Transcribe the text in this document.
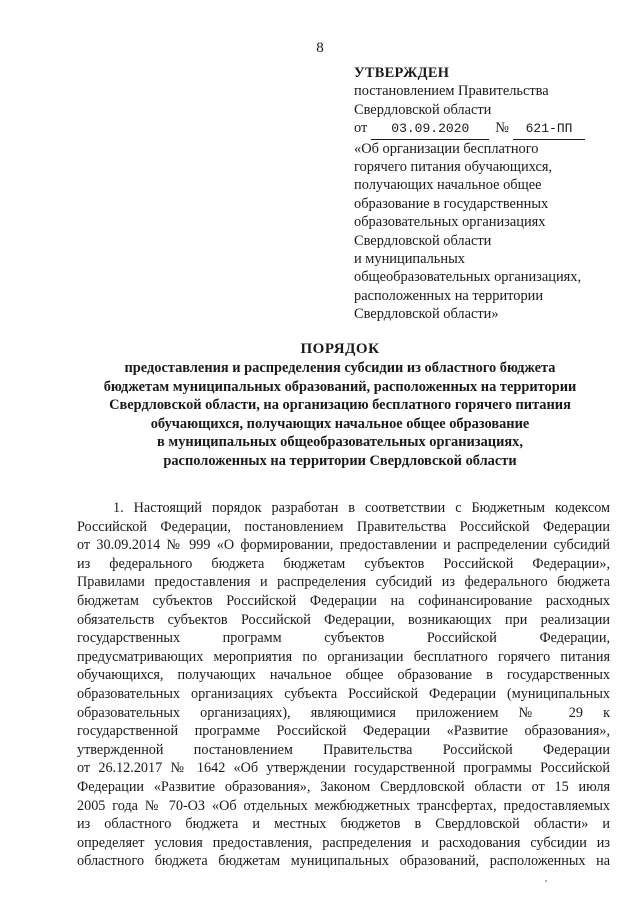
8
УТВЕРЖДЕН
постановлением Правительства
Свердловской области
от 03.09.2020 № 621-ПП
«Об организации бесплатного
горячего питания обучающихся,
получающих начальное общее
образование в государственных
образовательных организациях
Свердловской области
и муниципальных
общеобразовательных организациях,
расположенных на территории
Свердловской области»
ПОРЯДОК
предоставления и распределения субсидии из областного бюджета
бюджетам муниципальных образований, расположенных на территории
Свердловской области, на организацию бесплатного горячего питания
обучающихся, получающих начальное общее образование
в муниципальных общеобразовательных организациях,
расположенных на территории Свердловской области
1. Настоящий порядок разработан в соответствии с Бюджетным кодексом
Российской Федерации, постановлением Правительства Российской Федерации
от 30.09.2014 № 999 «О формировании, предоставлении и распределении субсидий
из федерального бюджета бюджетам субъектов Российской Федерации»,
Правилами предоставления и распределения субсидий из федерального бюджета
бюджетам субъектов Российской Федерации на софинансирование расходных
обязательств субъектов Российской Федерации, возникающих при реализации
государственных программ субъектов Российской Федерации,
предусматривающих мероприятия по организации бесплатного горячего питания
обучающихся, получающих начальное общее образование в государственных
образовательных организациях субъекта Российской Федерации (муниципальных
образовательных организациях), являющимися приложением № 29 к
государственной программе Российской Федерации «Развитие образования»,
утвержденной постановлением Правительства Российской Федерации
от 26.12.2017 № 1642 «Об утверждении государственной программы Российской
Федерации «Развитие образования», Законом Свердловской области от 15 июля
2005 года № 70-ОЗ «Об отдельных межбюджетных трансфертах, предоставляемых
из областного бюджета и местных бюджетов в Свердловской области» и
определяет условия предоставления, распределения и расходования субсидии из
областного бюджета бюджетам муниципальных образований, расположенных на
